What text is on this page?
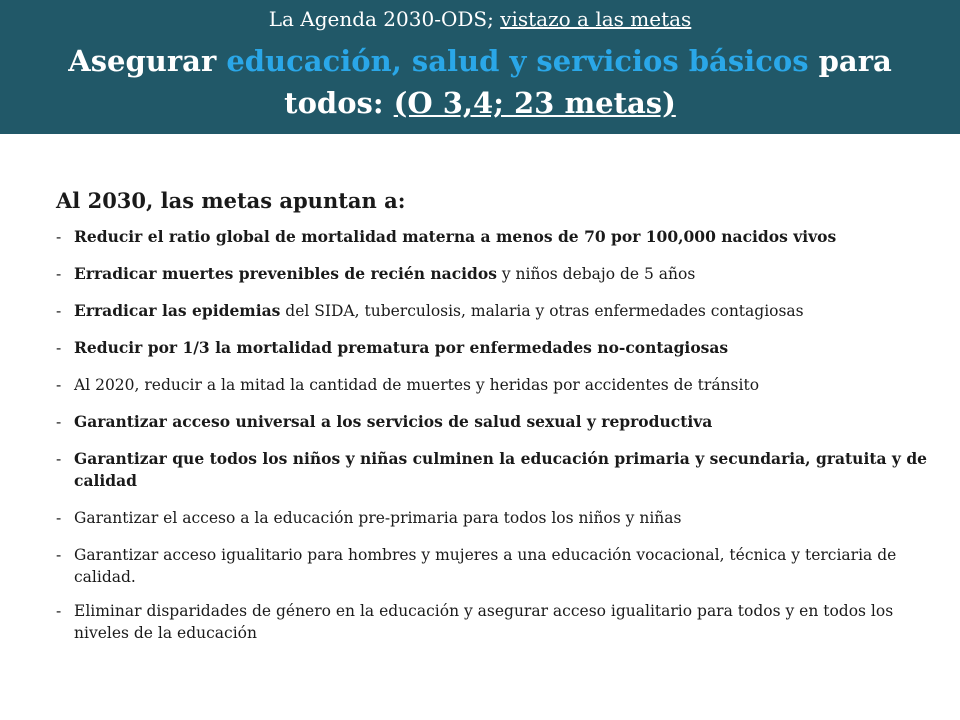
La Agenda 2030-ODS; vistazo a las metas
Asegurar educación, salud y servicios básicos para todos: (O 3,4; 23 metas)
Al 2030, las metas apuntan a:
- Reducir el ratio global de mortalidad materna a menos de 70 por 100,000 nacidos vivos
- Erradicar muertes prevenibles de recién nacidos y niños debajo de 5 años
- Erradicar las epidemias del SIDA, tuberculosis, malaria y otras enfermedades contagiosas
- Reducir por 1/3 la mortalidad prematura por enfermedades no-contagiosas
- Al 2020, reducir a la mitad la cantidad de muertes y heridas por accidentes de tránsito
- Garantizar acceso universal a los servicios de salud sexual y reproductiva
- Garantizar que todos los niños y niñas culminen la educación primaria y secundaria, gratuita y de calidad
- Garantizar el acceso a la educación pre-primaria para todos los niños y niñas
- Garantizar acceso igualitario para hombres y mujeres a una educación vocacional, técnica y terciaria de calidad.
- Eliminar disparidades de género en la educación y asegurar acceso igualitario para todos y en todos los niveles de la educación
